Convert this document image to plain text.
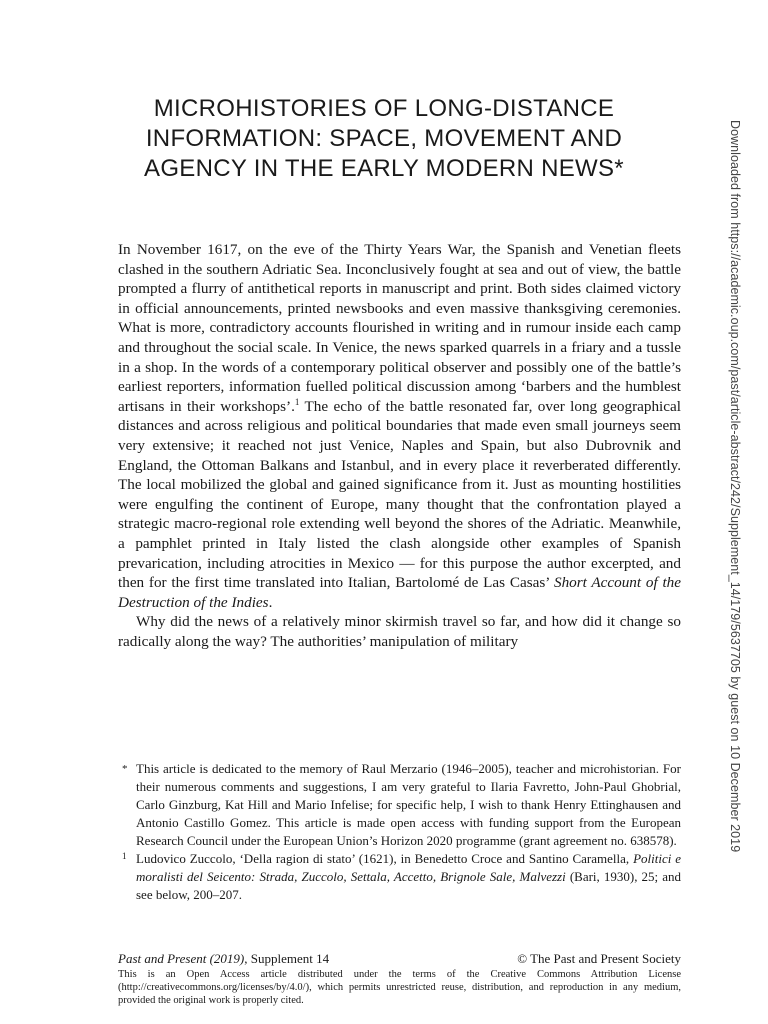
MICROHISTORIES OF LONG-DISTANCE
INFORMATION: SPACE, MOVEMENT AND
AGENCY IN THE EARLY MODERN NEWS*

In November 1617, on the eve of the Thirty Years War, the Spanish and Venetian fleets clashed in the southern Adriatic Sea. Inconclusively fought at sea and out of view, the battle prompted a flurry of antithetical reports in manuscript and print. Both sides claimed victory in official announcements, printed newsbooks and even massive thanksgiving ceremonies. What is more, contradictory accounts flourished in writing and in rumour inside each camp and throughout the social scale. In Venice, the news sparked quarrels in a friary and a tussle in a shop. In the words of a contemporary political observer and possibly one of the battle’s earliest reporters, information fuelled political discussion among ‘barbers and the humblest artisans in their workshops’.$^1$ The echo of the battle resonated far, over long geographical distances and across religious and political boundaries that made even small journeys seem very extensive; it reached not just Venice, Naples and Spain, but also Dubrovnik and England, the Ottoman Balkans and Istanbul, and in every place it reverberated differently. The local mobilized the global and gained significance from it. Just as mounting hostilities were engulfing the continent of Europe, many thought that the confrontation played a strategic macro-regional role extending well beyond the shores of the Adriatic. Meanwhile, a pamphlet printed in Italy listed the clash alongside other examples of Spanish prevarication, including atrocities in Mexico — for this purpose the author excerpted, and then for the first time translated into Italian, Bartolomé de Las Casas’ Short Account of the Destruction of the Indies.

Why did the news of a relatively minor skirmish travel so far, and how did it change so radically along the way? The authorities’ manipulation of military

* This article is dedicated to the memory of Raul Merzario (1946–2005), teacher and microhistorian. For their numerous comments and suggestions, I am very grateful to Ilaria Favretto, John-Paul Ghobrial, Carlo Ginzburg, Kat Hill and Mario Infelise; for specific help, I wish to thank Henry Ettinghausen and Antonio Castillo Gomez. This article is made open access with funding support from the European Research Council under the European Union’s Horizon 2020 programme (grant agreement no. 638578).

1 Ludovico Zuccolo, ‘Della ragion di stato’ (1621), in Benedetto Croce and Santino Caramella, Politici e moralisti del Seicento: Strada, Zuccolo, Settala, Accetto, Brignole Sale, Malvezzi (Bari, 1930), 25; and see below, 200–207.

Past and Present (2019), Supplement 14	© The Past and Present Society
This is an Open Access article distributed under the terms of the Creative Commons Attribution License (http://creativecommons.org/licenses/by/4.0/), which permits unrestricted reuse, distribution, and reproduction in any medium, provided the original work is properly cited.
Downloaded from https://academic.oup.com/past/article-abstract/242/Supplement_14/179/5637705 by guest on 10 December 2019
